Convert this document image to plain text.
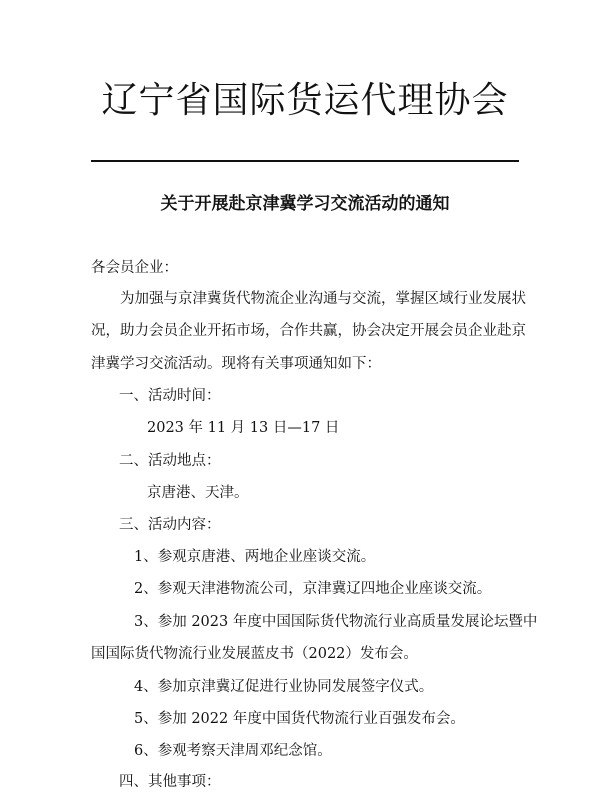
辽宁省国际货运代理协会
关于开展赴京津冀学习交流活动的通知
各会员企业：
为加强与京津冀货代物流企业沟通与交流，掌握区域行业发展状
况，助力会员企业开拓市场，合作共赢，协会决定开展会员企业赴京
津冀学习交流活动。现将有关事项通知如下：
一、活动时间：
2023 年 11 月 13 日—17 日
二、活动地点：
京唐港、天津。
三、活动内容：
1、参观京唐港、两地企业座谈交流。
2、参观天津港物流公司，京津冀辽四地企业座谈交流。
3、参加 2023 年度中国国际货代物流行业高质量发展论坛暨中
国国际货代物流行业发展蓝皮书（2022）发布会。
4、参加京津冀辽促进行业协同发展签字仪式。
5、参加 2022 年度中国货代物流行业百强发布会。
6、参观考察天津周邓纪念馆。
四、其他事项：
